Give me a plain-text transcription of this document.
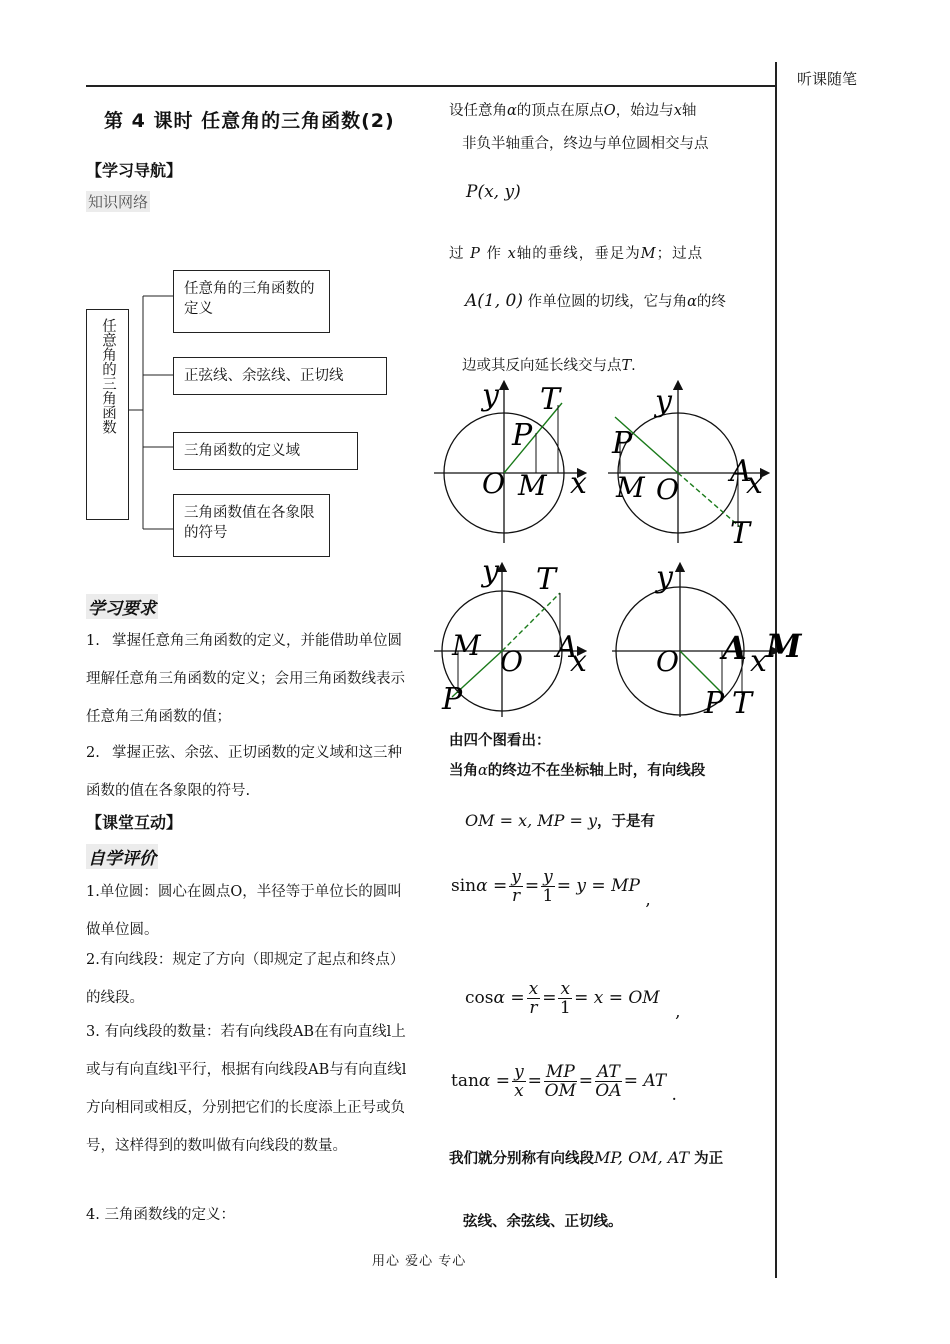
听课随笔
第 4 课时 任意角的三角函数(2)
【学习导航】
知识网络
任意角的三角函数
任意角的三角函数的定义
正弦线、余弦线、正切线
三角函数的定义域
三角函数值在各象限的符号
学习要求
1. 掌握任意角三角函数的定义，并能借助单位圆理解任意角三角函数的定义；会用三角函数线表示任意角三角函数的值；
2. 掌握正弦、余弦、正切函数的定义域和这三种函数的值在各象限的符号.
【课堂互动】
自学评价
1.单位圆：圆心在圆点O，半径等于单位长的圆叫做单位圆。
2.有向线段：规定了方向（即规定了起点和终点）的线段。
3. 有向线段的数量：若有向线段AB在有向直线l上或与有向直线l平行，根据有向线段AB与有向直线l方向相同或相反，分别把它们的长度添上正号或负号，这样得到的数叫做有向线段的数量。
4. 三角函数线的定义：
设任意角α的顶点在原点O，始边与x轴
非负半轴重合，终边与单位圆相交与点
P(x, y)
过 P 作 x轴的垂线，垂足为M；过点
A(1, 0) 作单位圆的切线，它与角α的终
边或其反向延长线交与点T.
y T
P
O M x
y
P
M O
A
x
T
y T
M O A
x
P
y
O A x M
P T
由四个图看出：
当角α的终边不在坐标轴上时，有向线段
OM = x, MP = y，于是有
$\sin\alpha = \frac{y}{r} = \frac{y}{1} = y$ = MP ,
$\cos\alpha = \frac{x}{r} = \frac{x}{1} = x$ = OM ,
$\tan\alpha = \frac{y}{x} = \frac{MP}{OM} = \frac{AT}{OA}$ = AT .
我们就分别称有向线段MP, OM, AT 为正
弦线、余弦线、正切线。
用心 爱心 专心
